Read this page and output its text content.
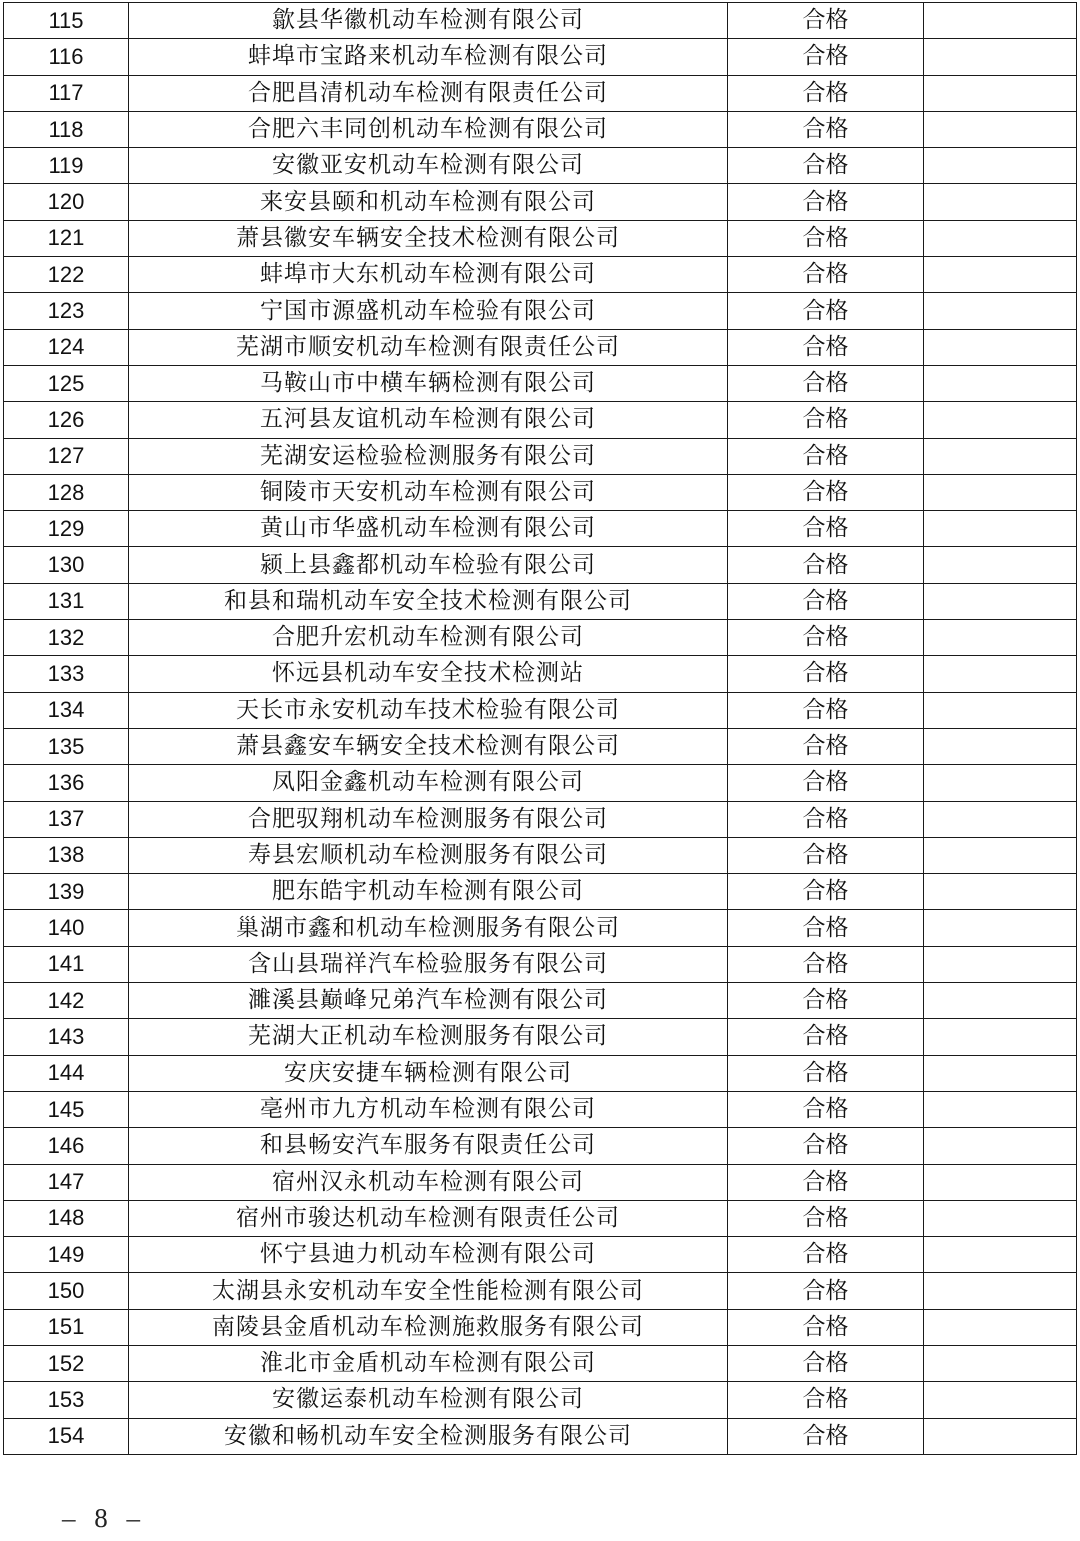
115	歙县华徽机动车检测有限公司	合格	
116	蚌埠市宝路来机动车检测有限公司	合格	
117	合肥昌清机动车检测有限责任公司	合格	
118	合肥六丰同创机动车检测有限公司	合格	
119	安徽亚安机动车检测有限公司	合格	
120	来安县颐和机动车检测有限公司	合格	
121	萧县徽安车辆安全技术检测有限公司	合格	
122	蚌埠市大东机动车检测有限公司	合格	
123	宁国市源盛机动车检验有限公司	合格	
124	芜湖市顺安机动车检测有限责任公司	合格	
125	马鞍山市中横车辆检测有限公司	合格	
126	五河县友谊机动车检测有限公司	合格	
127	芜湖安运检验检测服务有限公司	合格	
128	铜陵市天安机动车检测有限公司	合格	
129	黄山市华盛机动车检测有限公司	合格	
130	颍上县鑫都机动车检验有限公司	合格	
131	和县和瑞机动车安全技术检测有限公司	合格	
132	合肥升宏机动车检测有限公司	合格	
133	怀远县机动车安全技术检测站	合格	
134	天长市永安机动车技术检验有限公司	合格	
135	萧县鑫安车辆安全技术检测有限公司	合格	
136	凤阳金鑫机动车检测有限公司	合格	
137	合肥驭翔机动车检测服务有限公司	合格	
138	寿县宏顺机动车检测服务有限公司	合格	
139	肥东皓宇机动车检测有限公司	合格	
140	巢湖市鑫和机动车检测服务有限公司	合格	
141	含山县瑞祥汽车检验服务有限公司	合格	
142	濉溪县巅峰兄弟汽车检测有限公司	合格	
143	芜湖大正机动车检测服务有限公司	合格	
144	安庆安捷车辆检测有限公司	合格	
145	亳州市九方机动车检测有限公司	合格	
146	和县畅安汽车服务有限责任公司	合格	
147	宿州汉永机动车检测有限公司	合格	
148	宿州市骏达机动车检测有限责任公司	合格	
149	怀宁县迪力机动车检测有限公司	合格	
150	太湖县永安机动车安全性能检测有限公司	合格	
151	南陵县金盾机动车检测施救服务有限公司	合格	
152	淮北市金盾机动车检测有限公司	合格	
153	安徽运泰机动车检测有限公司	合格	
154	安徽和畅机动车安全检测服务有限公司	合格	
– 8 –
